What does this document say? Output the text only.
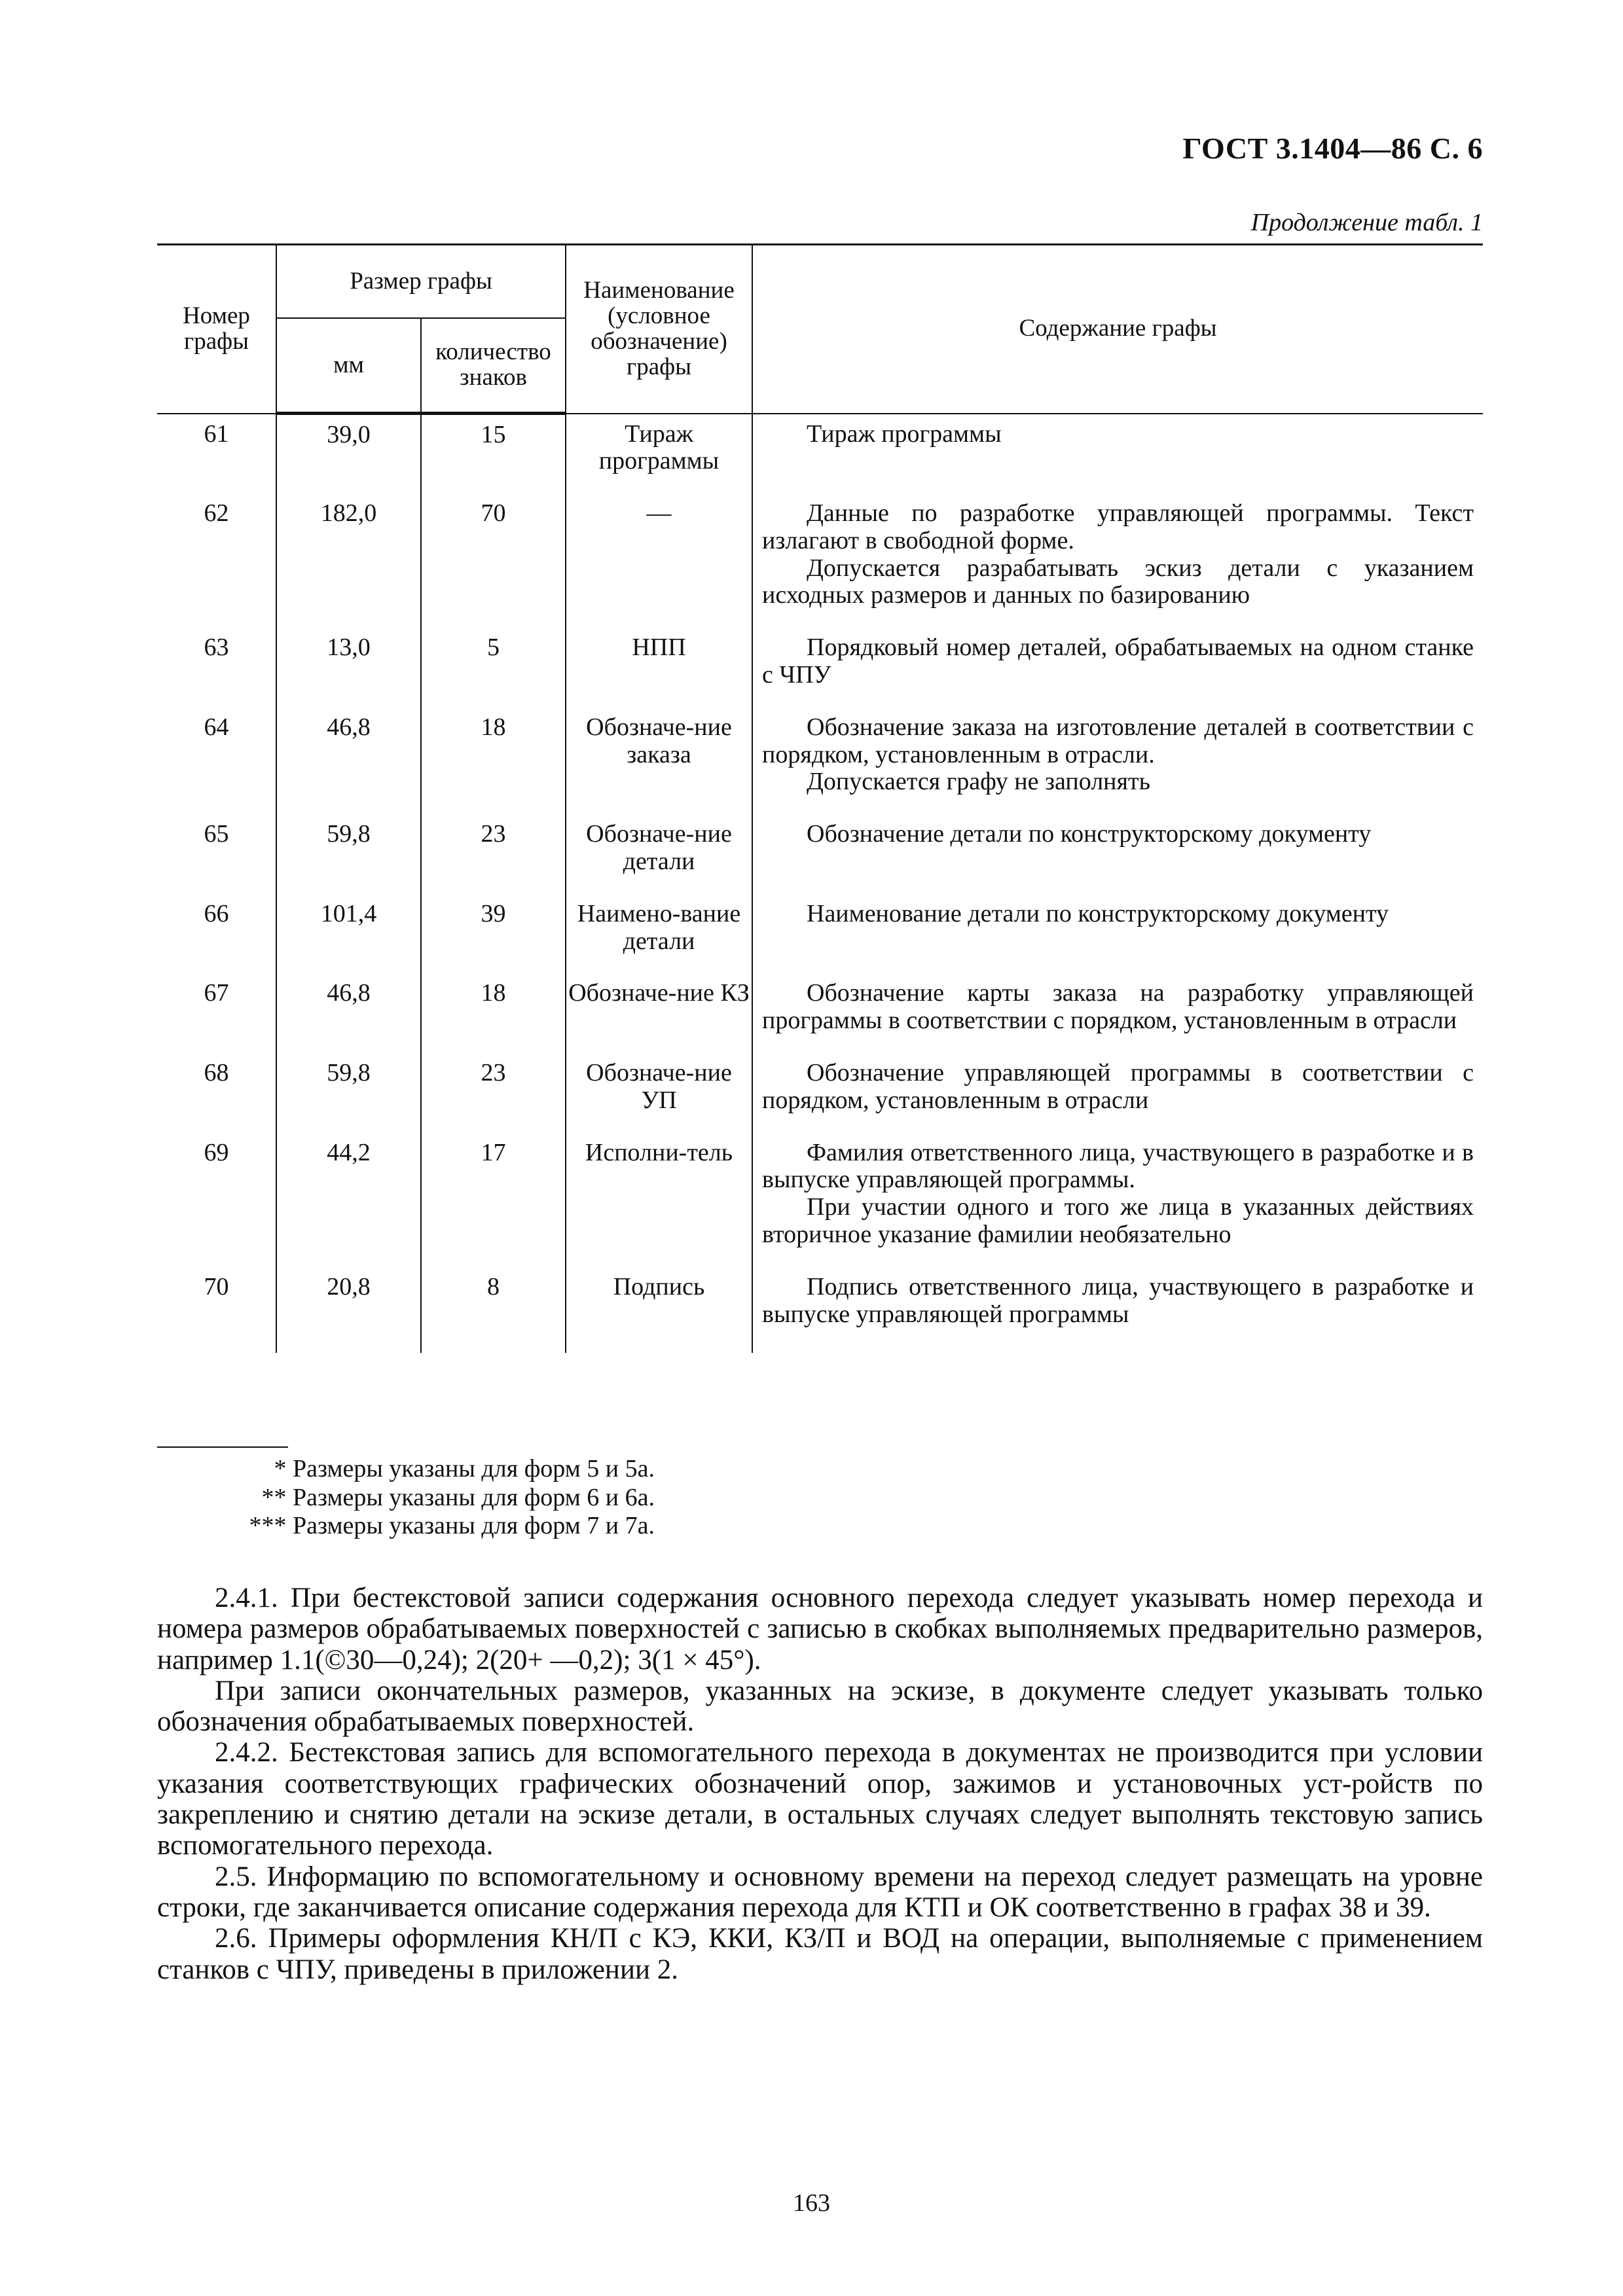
ГОСТ 3.1404—86 С. 6
Продолжение табл. 1
Номер графы	Размер графы		Наименование (условное обозначение) графы	Содержание графы
	мм	количество знаков		
61	39,0	15	Тираж программы	Тираж программы

62	182,0	70	—	Данные по разработке управляющей программы. Текст излагают в свободной форме.
Допускается разрабатывать эскиз детали с указанием исходных размеров и данных по базированию

63	13,0	5	НПП	Порядковый номер деталей, обрабатываемых на одном станке с ЧПУ

64	46,8	18	Обозначе-ние заказа	Обозначение заказа на изготовление деталей в соответствии с порядком, установленным в отрасли.
Допускается графу не заполнять

65	59,8	23	Обозначе-ние детали	Обозначение детали по конструкторскому документу

66	101,4	39	Наимено-вание детали	Наименование детали по конструкторскому документу

67	46,8	18	Обозначе-ние КЗ	Обозначение карты заказа на разработку управляющей программы в соответствии с порядком, установленным в отрасли

68	59,8	23	Обозначе-ние УП	Обозначение управляющей программы в соответствии с порядком, установленным в отрасли

69	44,2	17	Исполни-тель	Фамилия ответственного лица, участвующего в разработке и в выпуске управляющей программы.
При участии одного и того же лица в указанных действиях вторичное указание фамилии необязательно

70	20,8	8	Подпись	Подпись ответственного лица, участвующего в разработке и выпуске управляющей программы
* Размеры указаны для форм 5 и 5а.
** Размеры указаны для форм 6 и 6а.
*** Размеры указаны для форм 7 и 7а.

2.4.1. При бестекстовой записи содержания основного перехода следует указывать номер перехода и номера размеров обрабатываемых поверхностей с записью в скобках выполняемых предварительно размеров, например 1.1(©30—0,24); 2(20+ —0,2); 3(1 × 45°).

При записи окончательных размеров, указанных на эскизе, в документе следует указывать только обозначения обрабатываемых поверхностей.

2.4.2. Бестекстовая запись для вспомогательного перехода в документах не производится при условии указания соответствующих графических обозначений опор, зажимов и установочных уст-ройств по закреплению и снятию детали на эскизе детали, в остальных случаях следует выполнять текстовую запись вспомогательного перехода.

2.5. Информацию по вспомогательному и основному времени на переход следует размещать на уровне строки, где заканчивается описание содержания перехода для КТП и ОК соответственно в графах 38 и 39.

2.6. Примеры оформления КН/П с КЭ, ККИ, КЗ/П и ВОД на операции, выполняемые с применением станков с ЧПУ, приведены в приложении 2.

163
